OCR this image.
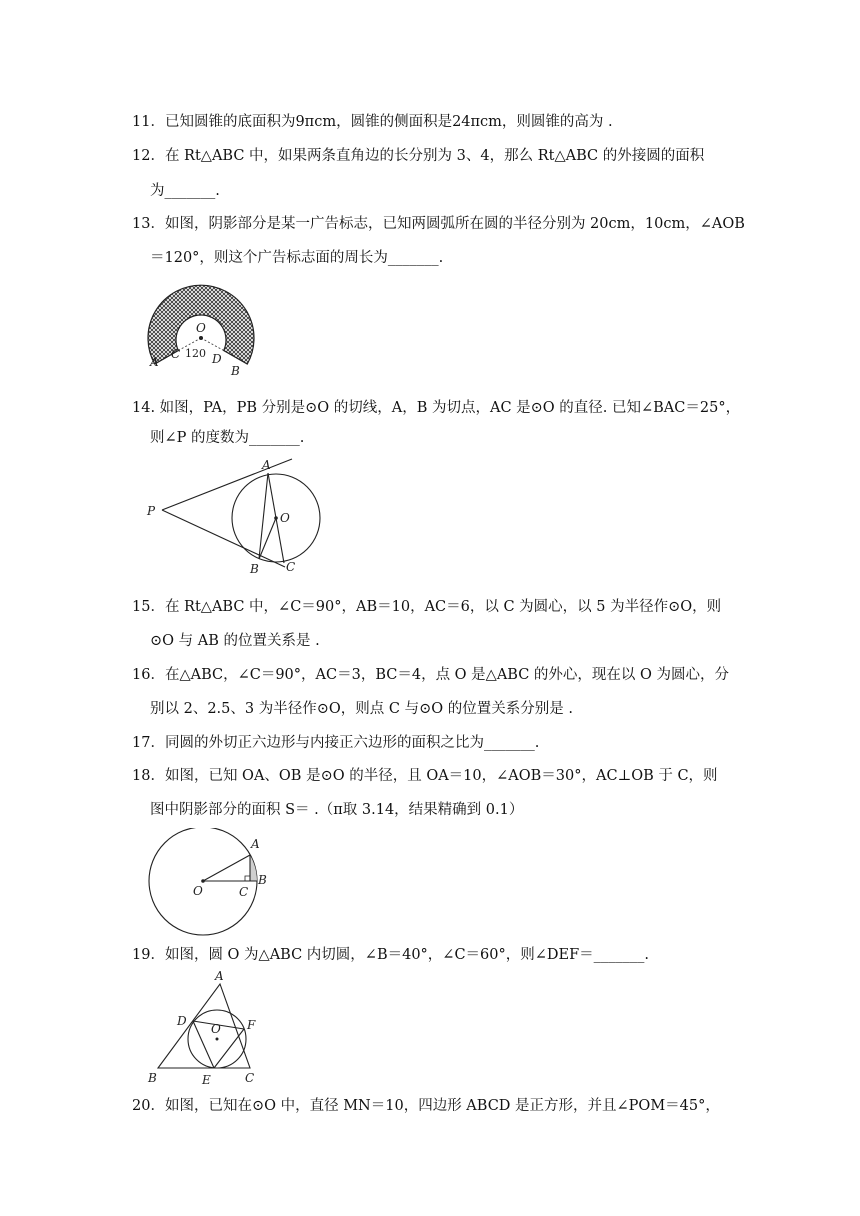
11．已知圆锥的底面积为9πcm，圆锥的侧面积是24πcm，则圆锥的高为 .
12．在 Rt△ABC 中，如果两条直角边的长分别为 3、4，那么 Rt△ABC 的外接圆的面积
为_______.
13．如图，阴影部分是某一广告标志，已知两圆弧所在圆的半径分别为 20cm，10cm，∠AOB
＝120°，则这个广告标志面的周长为_______.
O
A
C 120 D
B
14. 如图，PA，PB 分别是⊙O 的切线，A，B 为切点，AC 是⊙O 的直径. 已知∠BAC＝25°，
则∠P 的度数为_______.
A
P	O
B C
15．在 Rt△ABC 中，∠C＝90°，AB＝10，AC＝6，以 C 为圆心，以 5 为半径作⊙O，则
⊙O 与 AB 的位置关系是 .
16．在△ABC，∠C＝90°，AC＝3，BC＝4，点 O 是△ABC 的外心，现在以 O 为圆心，分
别以 2、2.5、3 为半径作⊙O，则点 C 与⊙O 的位置关系分别是 .
17．同圆的外切正六边形与内接正六边形的面积之比为_______.
18．如图，已知 OA、OB 是⊙O 的半径，且 OA＝10，∠AOB＝30°，AC⊥OB 于 C，则
图中阴影部分的面积 S＝ .（π取 3.14，结果精确到 0.1）
A
O	C
B
19．如图，圆 O 为△ABC 内切圆，∠B＝40°，∠C＝60°，则∠DEF＝_______.
A
D
O F
B	E	C
20．如图，已知在⊙O 中，直径 MN＝10，四边形 ABCD 是正方形，并且∠POM＝45°，
